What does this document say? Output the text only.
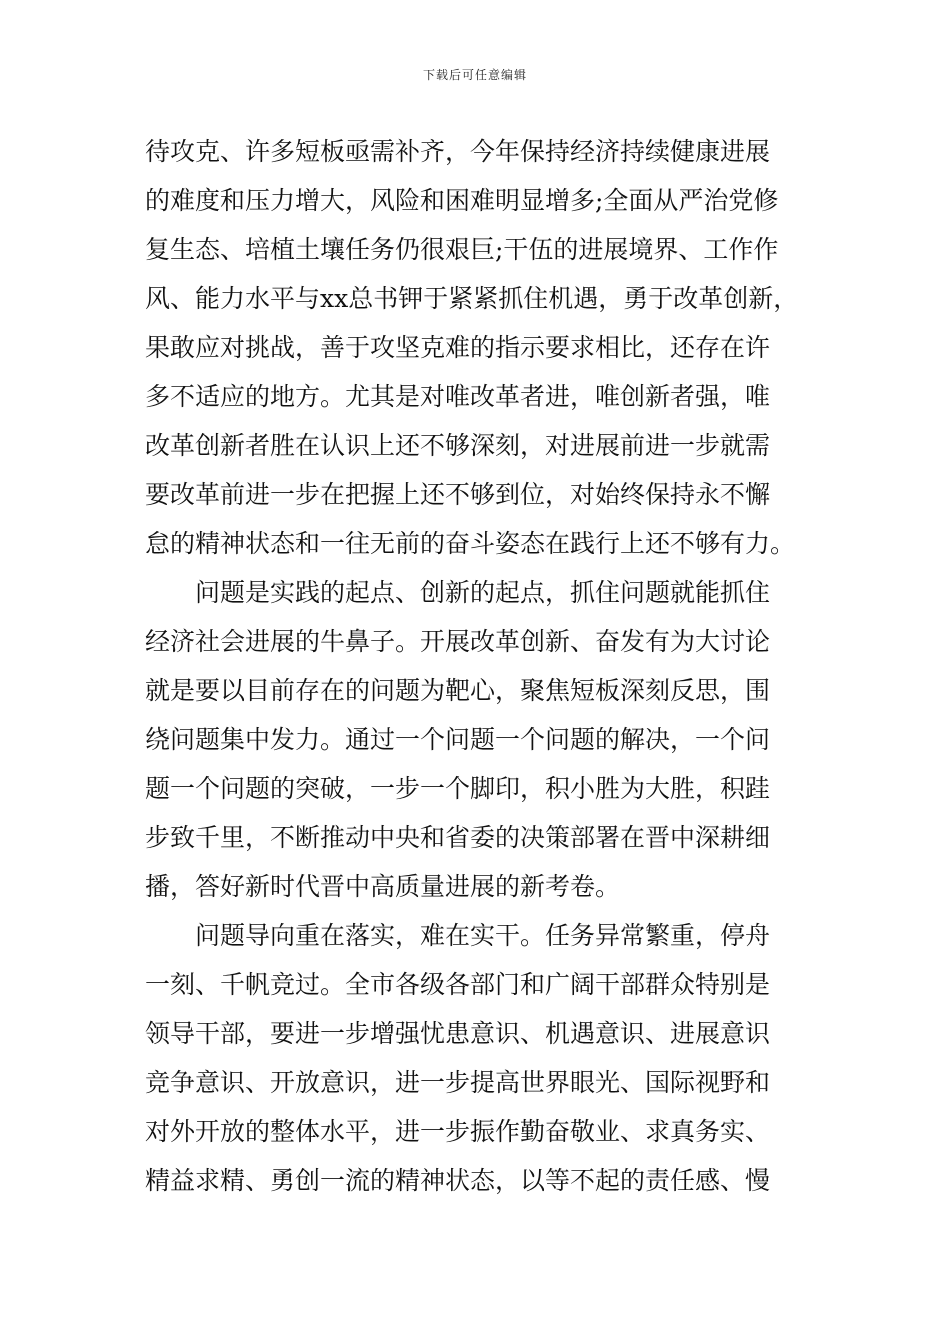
下载后可任意编辑
待攻克、许多短板亟需补齐，今年保持经济持续健康进展
的难度和压力增大，风险和困难明显增多;全面从严治党修
复生态、培植土壤任务仍很艰巨;干伍的进展境界、工作作
风、能力水平与xx总书钾于紧紧抓住机遇，勇于改革创新，
果敢应对挑战，善于攻坚克难的指示要求相比，还存在许
多不适应的地方。尤其是对唯改革者进，唯创新者强，唯
改革创新者胜在认识上还不够深刻，对进展前进一步就需
要改革前进一步在把握上还不够到位，对始终保持永不懈
怠的精神状态和一往无前的奋斗姿态在践行上还不够有力。
　　问题是实践的起点、创新的起点，抓住问题就能抓住
经济社会进展的牛鼻子。开展改革创新、奋发有为大讨论
就是要以目前存在的问题为靶心，聚焦短板深刻反思，围
绕问题集中发力。通过一个问题一个问题的解决，一个问
题一个问题的突破，一步一个脚印，积小胜为大胜，积跬
步致千里，不断推动中央和省委的决策部署在晋中深耕细
播，答好新时代晋中高质量进展的新考卷。
　　问题导向重在落实，难在实干。任务异常繁重，停舟
一刻、千帆竞过。全市各级各部门和广阔干部群众特别是
领导干部，要进一步增强忧患意识、机遇意识、进展意识
竞争意识、开放意识，进一步提高世界眼光、国际视野和
对外开放的整体水平，进一步振作勤奋敬业、求真务实、
精益求精、勇创一流的精神状态，以等不起的责任感、慢
